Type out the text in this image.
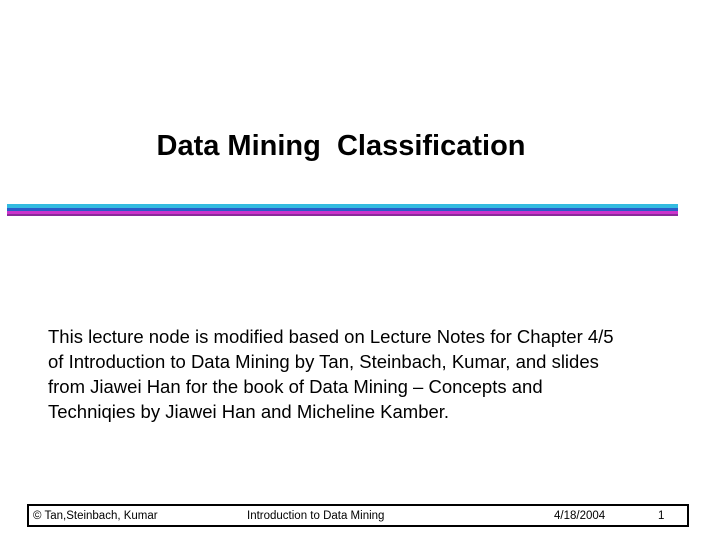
Data Mining  Classification
This lecture node is modified based on Lecture Notes for Chapter 4/5
of Introduction to Data Mining by Tan, Steinbach, Kumar, and slides
from Jiawei Han for the book of Data Mining – Concepts and
Techniqies by Jiawei Han and Micheline Kamber.
© Tan,Steinbach, Kumar	Introduction to Data Mining	4/18/2004	1
